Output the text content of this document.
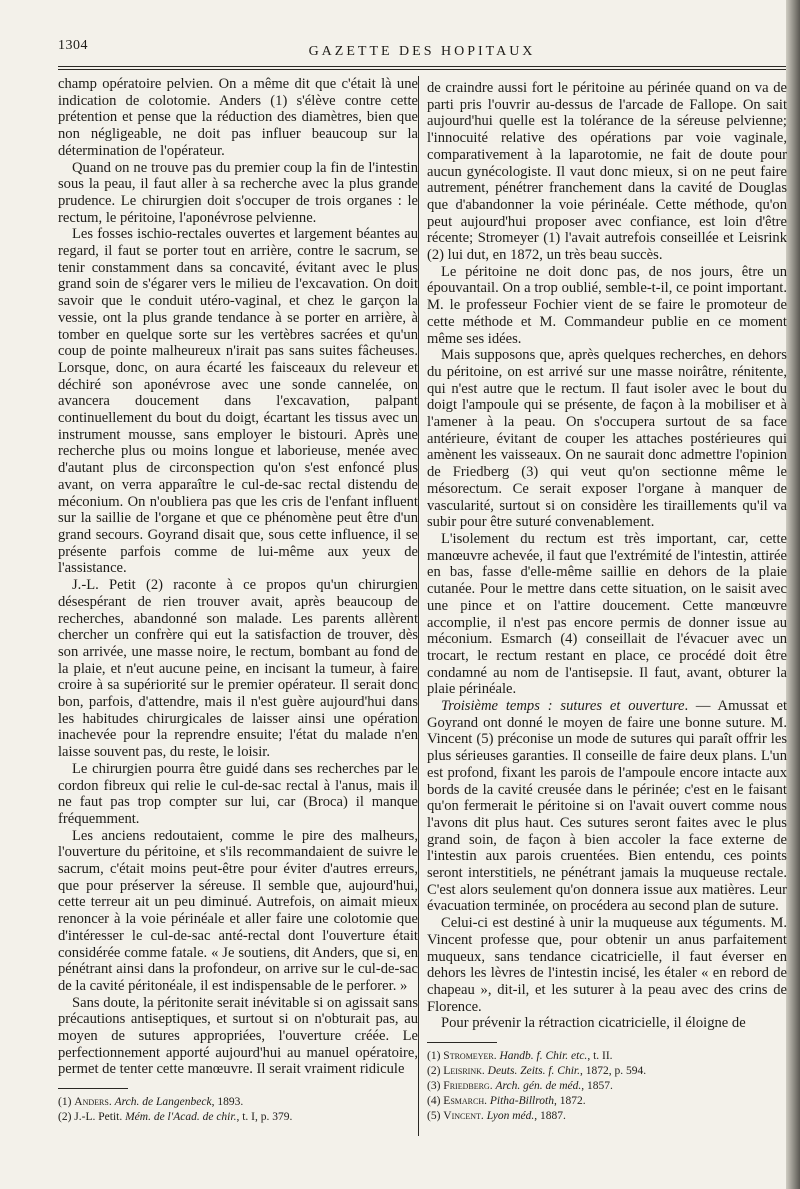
1304	GAZETTE DES HOPITAUX

champ opératoire pelvien. On a même dit que c'était là une indication de colotomie. Anders (1) s'élève contre cette prétention et pense que la réduction des diamètres, bien que non négligeable, ne doit pas influer beaucoup sur la détermination de l'opérateur.

Quand on ne trouve pas du premier coup la fin de l'intestin sous la peau, il faut aller à sa recherche avec la plus grande prudence. Le chirurgien doit s'occuper de trois organes : le rectum, le péritoine, l'aponévrose pelvienne.

Les fosses ischio-rectales ouvertes et largement béantes au regard, il faut se porter tout en arrière, contre le sacrum, se tenir constamment dans sa concavité, évitant avec le plus grand soin de s'égarer vers le milieu de l'excavation. On doit savoir que le conduit utéro-vaginal, et chez le garçon la vessie, ont la plus grande tendance à se porter en arrière, à tomber en quelque sorte sur les vertèbres sacrées et qu'un coup de pointe malheureux n'irait pas sans suites fâcheuses. Lorsque, donc, on aura écarté les faisceaux du releveur et déchiré son aponévrose avec une sonde cannelée, on avancera doucement dans l'excavation, palpant continuellement du bout du doigt, écartant les tissus avec un instrument mousse, sans employer le bistouri. Après une recherche plus ou moins longue et laborieuse, menée avec d'autant plus de circonspection qu'on s'est enfoncé plus avant, on verra apparaître le cul-de-sac rectal distendu de méconium. On n'oubliera pas que les cris de l'enfant influent sur la saillie de l'organe et que ce phénomène peut être d'un grand secours. Goyrand disait que, sous cette influence, il se présente parfois comme de lui-même aux yeux de l'assistance.

J.-L. Petit (2) raconte à ce propos qu'un chirurgien désespérant de rien trouver avait, après beaucoup de recherches, abandonné son malade. Les parents allèrent chercher un confrère qui eut la satisfaction de trouver, dès son arrivée, une masse noire, le rectum, bombant au fond de la plaie, et n'eut aucune peine, en incisant la tumeur, à faire croire à sa supériorité sur le premier opérateur. Il serait donc bon, parfois, d'attendre, mais il n'est guère aujourd'hui dans les habitudes chirurgicales de laisser ainsi une opération inachevée pour la reprendre ensuite; l'état du malade n'en laisse souvent pas, du reste, le loisir.

Le chirurgien pourra être guidé dans ses recherches par le cordon fibreux qui relie le cul-de-sac rectal à l'anus, mais il ne faut pas trop compter sur lui, car (Broca) il manque fréquemment.

Les anciens redoutaient, comme le pire des malheurs, l'ouverture du péritoine, et s'ils recommandaient de suivre le sacrum, c'était moins peut-être pour éviter d'autres erreurs, que pour préserver la séreuse. Il semble que, aujourd'hui, cette terreur ait un peu diminué. Autrefois, on aimait mieux renoncer à la voie périnéale et aller faire une colotomie que d'intéresser le cul-de-sac anté-rectal dont l'ouverture était considérée comme fatale. « Je soutiens, dit Anders, que si, en pénétrant ainsi dans la profondeur, on arrive sur le cul-de-sac de la cavité péritonéale, il est indispensable de le perforer. »

Sans doute, la péritonite serait inévitable si on agissait sans précautions antiseptiques, et surtout si on n'obturait pas, au moyen de sutures appropriées, l'ouverture créée. Le perfectionnement apporté aujourd'hui au manuel opératoire, permet de tenter cette manœuvre. Il serait vraiment ridicule

(1) Anders. Arch. de Langenbeck, 1893.
(2) J.-L. Petit. Mém. de l'Acad. de chir., t. I, p. 379.

de craindre aussi fort le péritoine au périnée quand on va de parti pris l'ouvrir au-dessus de l'arcade de Fallope. On sait aujourd'hui quelle est la tolérance de la séreuse pelvienne; l'innocuité relative des opérations par voie vaginale, comparativement à la laparotomie, ne fait de doute pour aucun gynécologiste. Il vaut donc mieux, si on ne peut faire autrement, pénétrer franchement dans la cavité de Douglas que d'abandonner la voie périnéale. Cette méthode, qu'on peut aujourd'hui proposer avec confiance, est loin d'être récente; Stromeyer (1) l'avait autrefois conseillée et Leisrink (2) lui dut, en 1872, un très beau succès.

Le péritoine ne doit donc pas, de nos jours, être un épouvantail. On a trop oublié, semble-t-il, ce point important. M. le professeur Fochier vient de se faire le promoteur de cette méthode et M. Commandeur publie en ce moment même ses idées.

Mais supposons que, après quelques recherches, en dehors du péritoine, on est arrivé sur une masse noirâtre, rénitente, qui n'est autre que le rectum. Il faut isoler avec le bout du doigt l'ampoule qui se présente, de façon à la mobiliser et à l'amener à la peau. On s'occupera surtout de sa face antérieure, évitant de couper les attaches postérieures qui amènent les vaisseaux. On ne saurait donc admettre l'opinion de Friedberg (3) qui veut qu'on sectionne même le mésorectum. Ce serait exposer l'organe à manquer de vascularité, surtout si on considère les tiraillements qu'il va subir pour être suturé convenablement.

L'isolement du rectum est très important, car, cette manœuvre achevée, il faut que l'extrémité de l'intestin, attirée en bas, fasse d'elle-même saillie en dehors de la plaie cutanée. Pour le mettre dans cette situation, on le saisit avec une pince et on l'attire doucement. Cette manœuvre accomplie, il n'est pas encore permis de donner issue au méconium. Esmarch (4) conseillait de l'évacuer avec un trocart, le rectum restant en place, ce procédé doit être condamné au nom de l'antisepsie. Il faut, avant, obturer la plaie périnéale.

Troisième temps : sutures et ouverture. — Amussat et Goyrand ont donné le moyen de faire une bonne suture. M. Vincent (5) préconise un mode de sutures qui paraît offrir les plus sérieuses garanties. Il conseille de faire deux plans. L'un est profond, fixant les parois de l'ampoule encore intacte aux bords de la cavité creusée dans le périnée; c'est en le faisant qu'on fermerait le péritoine si on l'avait ouvert comme nous l'avons dit plus haut. Ces sutures seront faites avec le plus grand soin, de façon à bien accoler la face externe de l'intestin aux parois cruentées. Bien entendu, ces points seront interstitiels, ne pénétrant jamais la muqueuse rectale. C'est alors seulement qu'on donnera issue aux matières. Leur évacuation terminée, on procédera au second plan de suture.

Celui-ci est destiné à unir la muqueuse aux téguments. M. Vincent professe que, pour obtenir un anus parfaitement muqueux, sans tendance cicatricielle, il faut éverser en dehors les lèvres de l'intestin incisé, les étaler « en rebord de chapeau », dit-il, et les suturer à la peau avec des crins de Florence.

Pour prévenir la rétraction cicatricielle, il éloigne de

(1) Stromeyer. Handb. f. Chir. etc., t. II.
(2) Leisrink. Deuts. Zeits. f. Chir., 1872, p. 594.
(3) Friedberg. Arch. gén. de méd., 1857.
(4) Esmarch. Pitha-Billroth, 1872.
(5) Vincent. Lyon méd., 1887.
